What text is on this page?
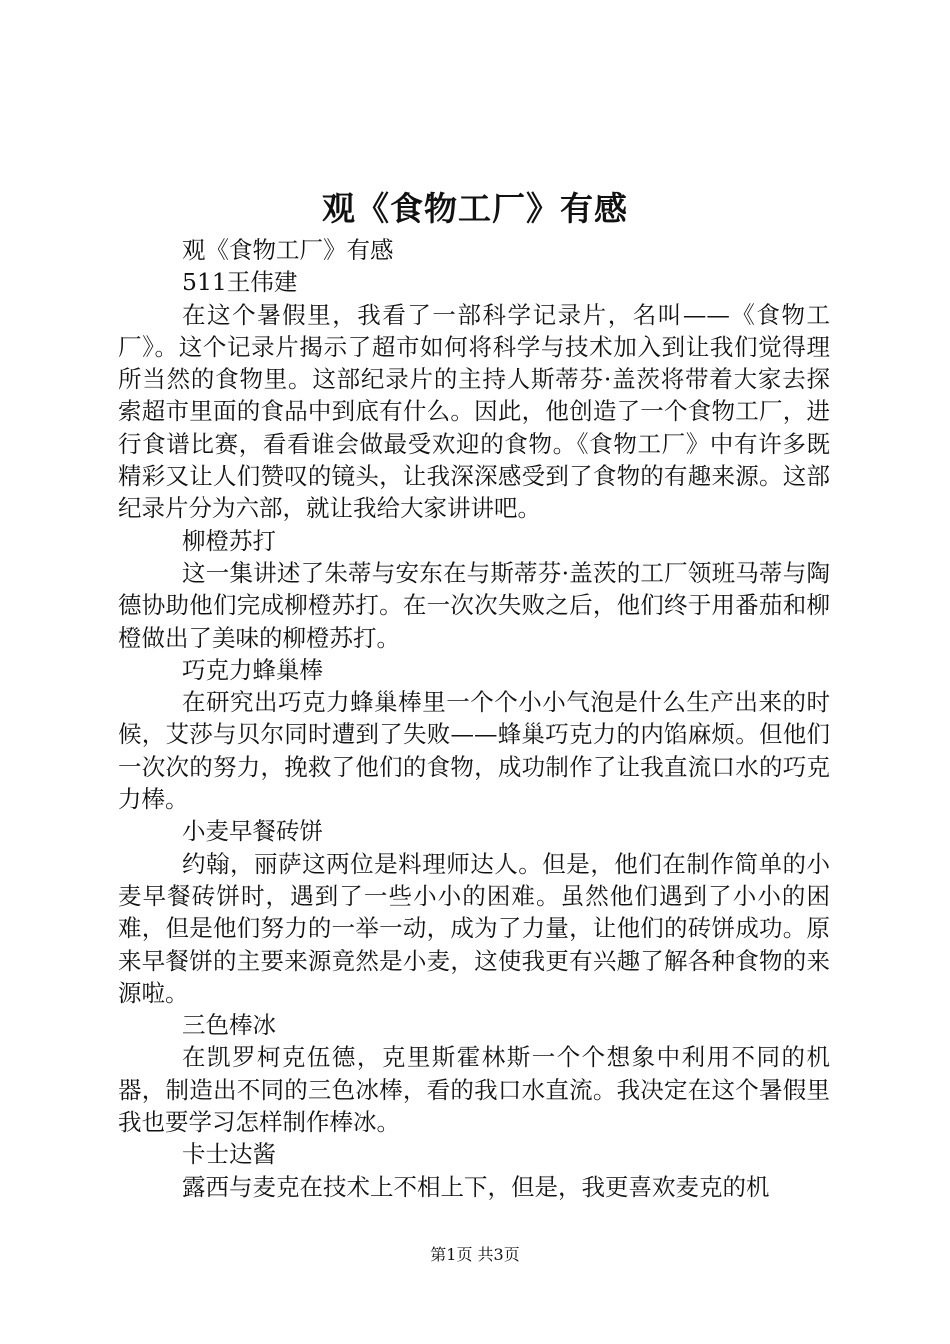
观《食物工厂》有感

观《食物工厂》有感

511王伟建

在这个暑假里，我看了一部科学记录片，名叫——《食物工厂》。这个记录片揭示了超市如何将科学与技术加入到让我们觉得理所当然的食物里。这部纪录片的主持人斯蒂芬·盖茨将带着大家去探索超市里面的食品中到底有什么。因此，他创造了一个食物工厂，进行食谱比赛，看看谁会做最受欢迎的食物。《食物工厂》中有许多既精彩又让人们赞叹的镜头，让我深深感受到了食物的有趣来源。这部纪录片分为六部，就让我给大家讲讲吧。

柳橙苏打

这一集讲述了朱蒂与安东在与斯蒂芬·盖茨的工厂领班马蒂与陶德协助他们完成柳橙苏打。在一次次失败之后，他们终于用番茄和柳橙做出了美味的柳橙苏打。

巧克力蜂巢棒

在研究出巧克力蜂巢棒里一个个小小气泡是什么生产出来的时候，艾莎与贝尔同时遭到了失败——蜂巢巧克力的内馅麻烦。但他们一次次的努力，挽救了他们的食物，成功制作了让我直流口水的巧克力棒。

小麦早餐砖饼

约翰，丽萨这两位是料理师达人。但是，他们在制作简单的小麦早餐砖饼时，遇到了一些小小的困难。虽然他们遇到了小小的困难，但是他们努力的一举一动，成为了力量，让他们的砖饼成功。原来早餐饼的主要来源竟然是小麦，这使我更有兴趣了解各种食物的来源啦。

三色棒冰

在凯罗柯克伍德，克里斯霍林斯一个个想象中利用不同的机器，制造出不同的三色冰棒，看的我口水直流。我决定在这个暑假里我也要学习怎样制作棒冰。

卡士达酱

露西与麦克在技术上不相上下，但是，我更喜欢麦克的机

第1页 共3页
